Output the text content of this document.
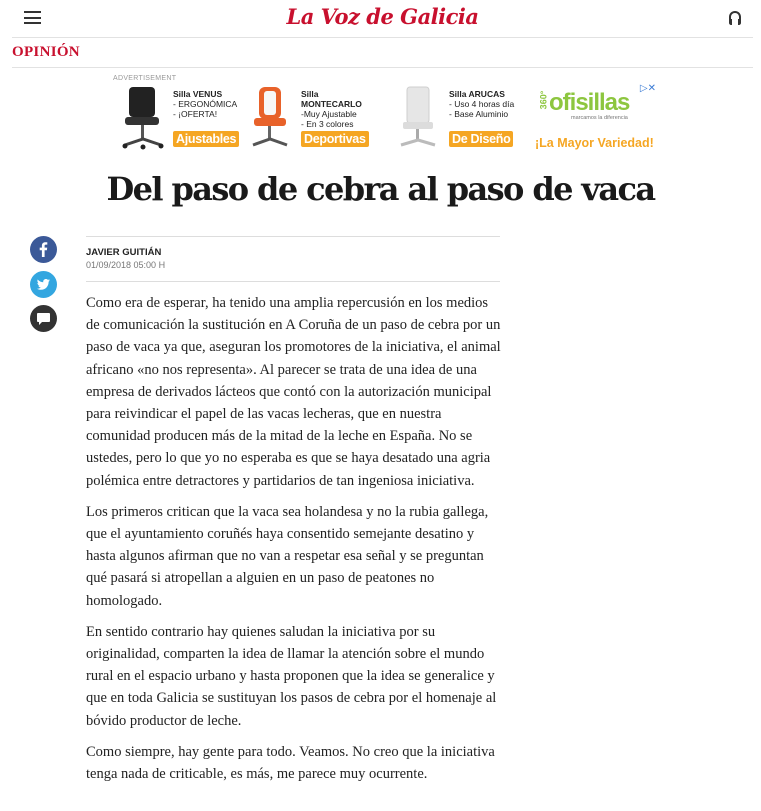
La Voz de Galicia
OPINIÓN
ADVERTISEMENT
▷✕
Silla VENUS
- ERGONÓMICA
- ¡OFERTA!
Ajustables
Silla MONTECARLO
-Muy Ajustable
- En 3 colores
Deportivas
Silla ARUCAS
- Uso 4 horas día
- Base Aluminio
De Diseño
360° ofisillas
marcamos la diferencia
¡La Mayor Variedad!
Del paso de cebra al paso de vaca
JAVIER GUITIÁN
01/09/2018 05:00 H

Como era de esperar, ha tenido una amplia repercusión en los medios de comunicación la sustitución en A Coruña de un paso de cebra por un paso de vaca ya que, aseguran los promotores de la iniciativa, el animal africano «no nos representa». Al parecer se trata de una idea de una empresa de derivados lácteos que contó con la autorización municipal para reivindicar el papel de las vacas lecheras, que en nuestra comunidad producen más de la mitad de la leche en España. No se ustedes, pero lo que yo no esperaba es que se haya desatado una agria polémica entre detractores y partidarios de tan ingeniosa iniciativa.

Los primeros critican que la vaca sea holandesa y no la rubia gallega, que el ayuntamiento coruñés haya consentido semejante desatino y hasta algunos afirman que no van a respetar esa señal y se preguntan qué pasará si atropellan a alguien en un paso de peatones no homologado.

En sentido contrario hay quienes saludan la iniciativa por su originalidad, comparten la idea de llamar la atención sobre el mundo rural en el espacio urbano y hasta proponen que la idea se generalice y que en toda Galicia se sustituyan los pasos de cebra por el homenaje al bóvido productor de leche.

Como siempre, hay gente para todo. Veamos. No creo que la iniciativa tenga nada de criticable, es más, me parece muy ocurrente.
